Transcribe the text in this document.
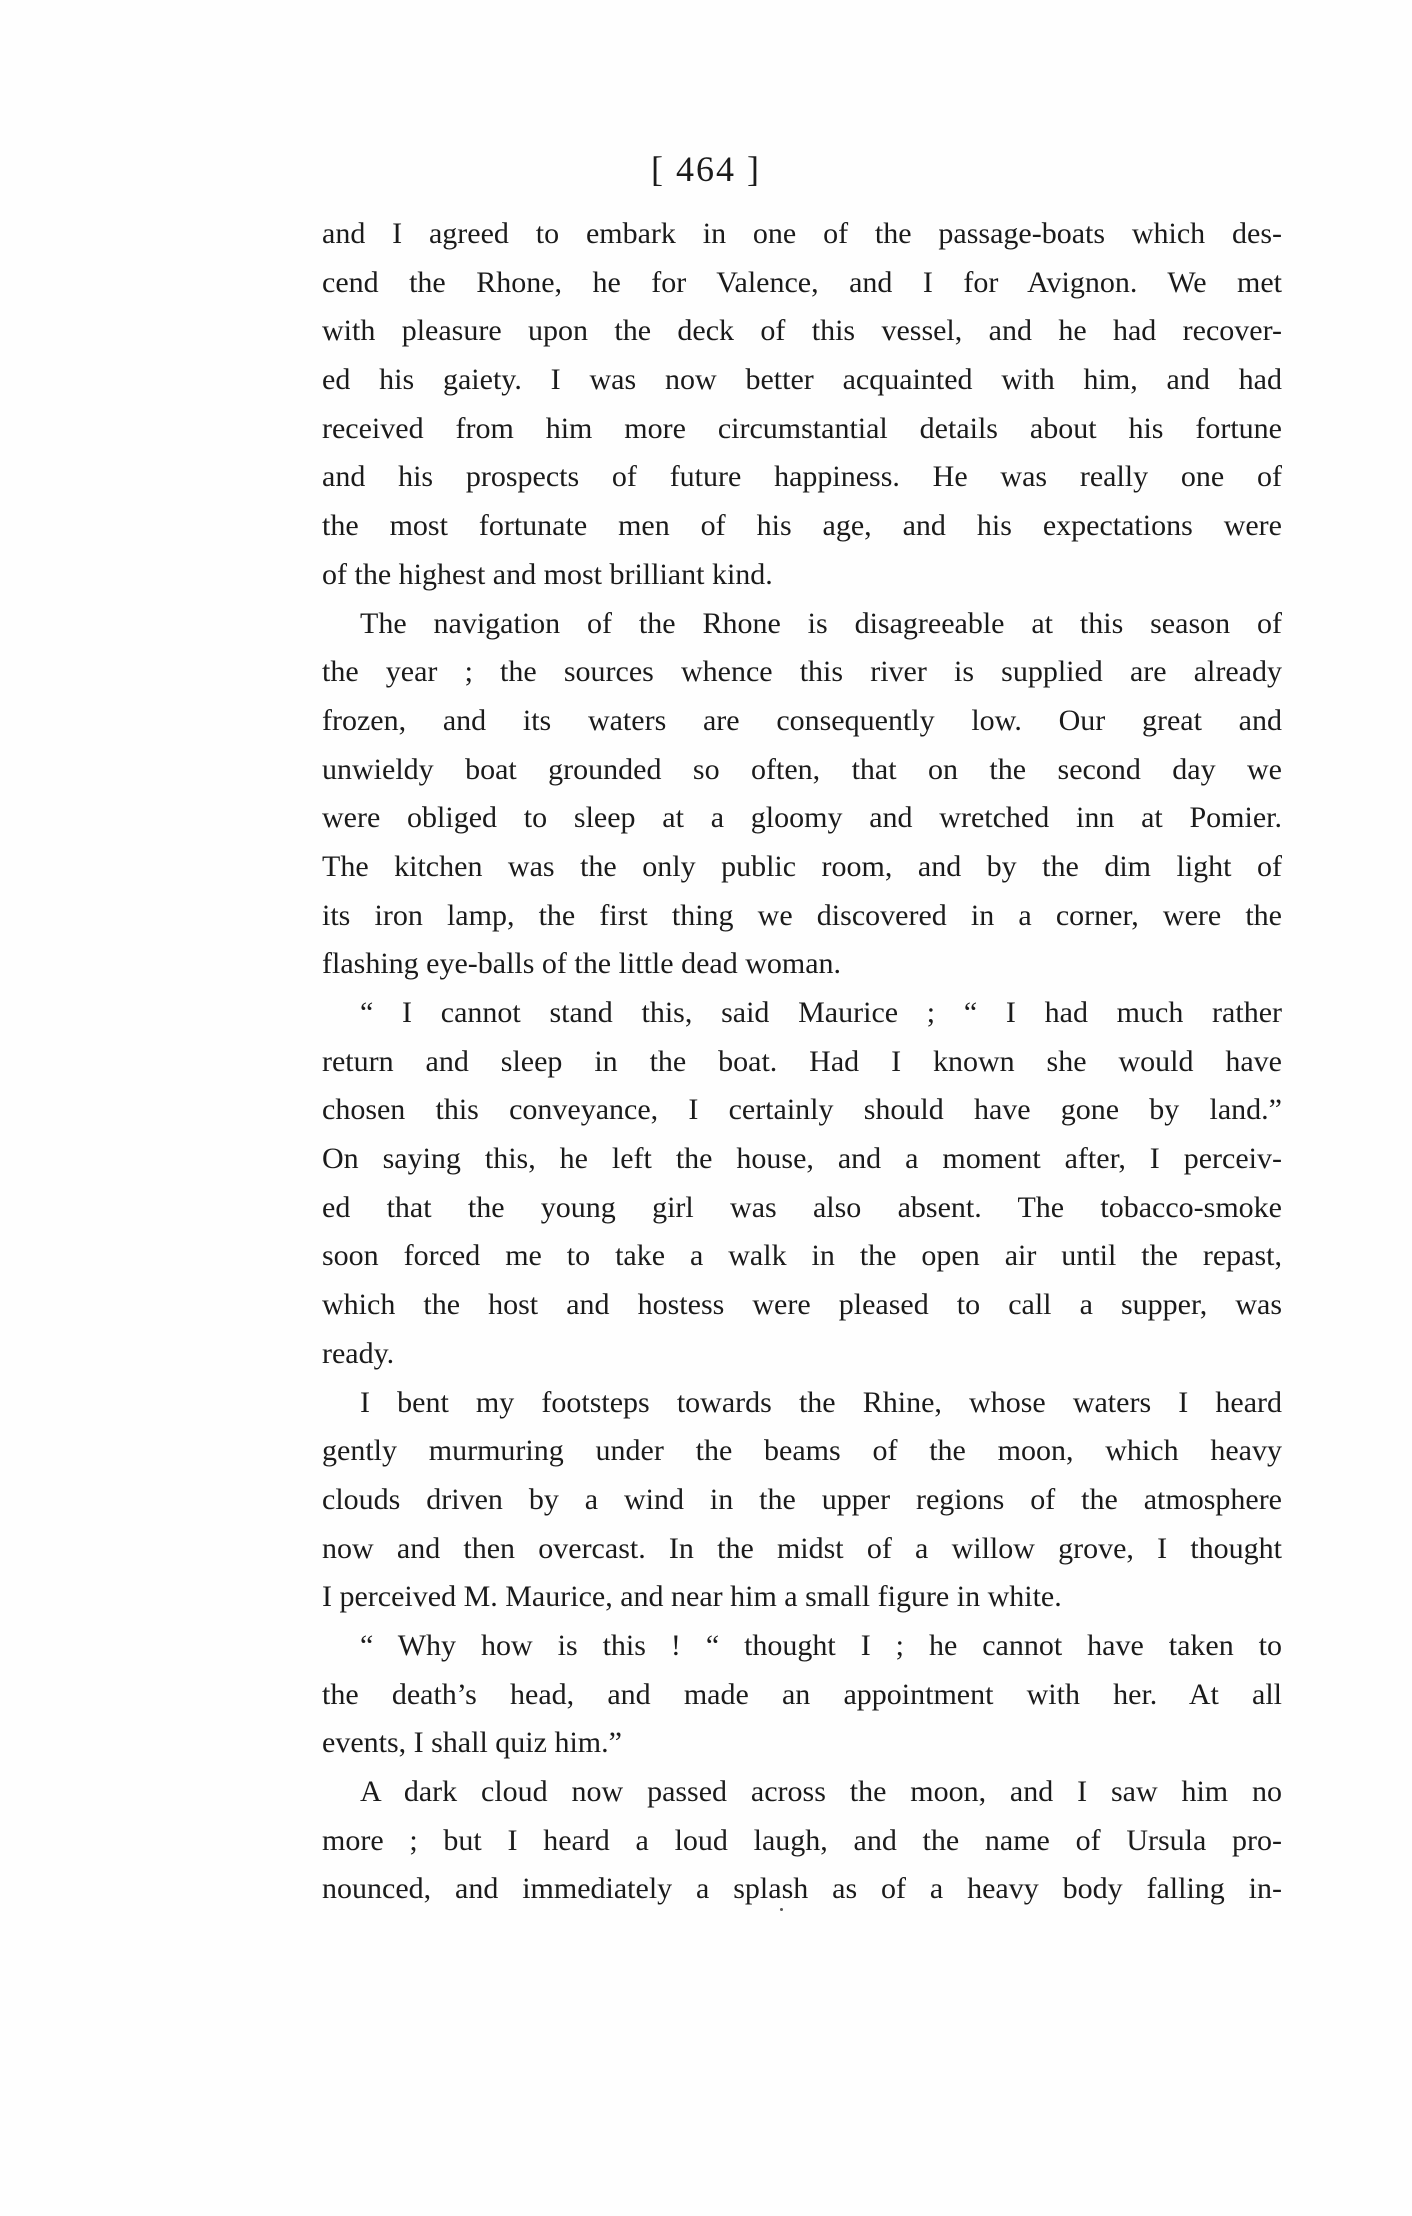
[ 464 ]

and I agreed to embark in one of the passage-boats which des-
cend the Rhone, he for Valence, and I for Avignon. We met
with pleasure upon the deck of this vessel, and he had recover-
ed his gaiety. I was now better acquainted with him, and had
received from him more circumstantial details about his fortune
and his prospects of future happiness. He was really one of
the most fortunate men of his age, and his expectations were
of the highest and most brilliant kind.
The navigation of the Rhone is disagreeable at this season of
the year ; the sources whence this river is supplied are already
frozen, and its waters are consequently low. Our great and
unwieldy boat grounded so often, that on the second day we
were obliged to sleep at a gloomy and wretched inn at Pomier.
The kitchen was the only public room, and by the dim light of
its iron lamp, the first thing we discovered in a corner, were the
flashing eye-balls of the little dead woman.
“ I cannot stand this, said Maurice ; “ I had much rather
return and sleep in the boat. Had I known she would have
chosen this conveyance, I certainly should have gone by land.”
On saying this, he left the house, and a moment after, I perceiv-
ed that the young girl was also absent. The tobacco-smoke
soon forced me to take a walk in the open air until the repast,
which the host and hostess were pleased to call a supper, was
ready.
I bent my footsteps towards the Rhine, whose waters I heard
gently murmuring under the beams of the moon, which heavy
clouds driven by a wind in the upper regions of the atmosphere
now and then overcast. In the midst of a willow grove, I thought
I perceived M. Maurice, and near him a small figure in white.
“ Why how is this ! “ thought I ; he cannot have taken to
the death’s head, and made an appointment with her. At all
events, I shall quiz him.”
A dark cloud now passed across the moon, and I saw him no
more ; but I heard a loud laugh, and the name of Ursula pro-
nounced, and immediately a splash as of a heavy body falling in-
